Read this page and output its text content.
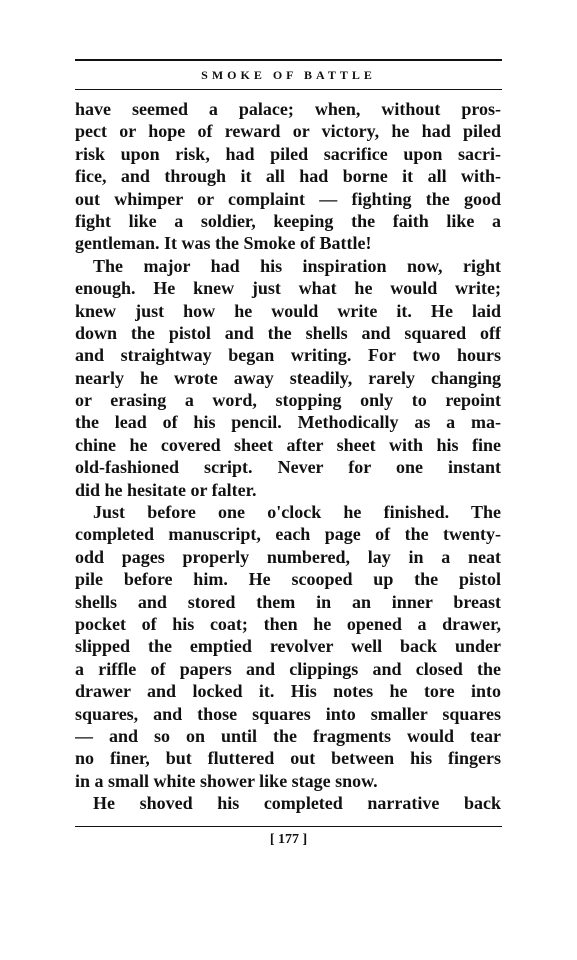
SMOKE OF BATTLE
have seemed a palace; when, without pros-
pect or hope of reward or victory, he had piled
risk upon risk, had piled sacrifice upon sacri-
fice, and through it all had borne it all with-
out whimper or complaint — fighting the good
fight like a soldier, keeping the faith like a
gentleman. It was the Smoke of Battle!
The major had his inspiration now, right
enough. He knew just what he would write;
knew just how he would write it. He laid
down the pistol and the shells and squared off
and straightway began writing. For two hours
nearly he wrote away steadily, rarely changing
or erasing a word, stopping only to repoint
the lead of his pencil. Methodically as a ma-
chine he covered sheet after sheet with his fine
old-fashioned script. Never for one instant
did he hesitate or falter.
Just before one o'clock he finished. The
completed manuscript, each page of the twenty-
odd pages properly numbered, lay in a neat
pile before him. He scooped up the pistol
shells and stored them in an inner breast
pocket of his coat; then he opened a drawer,
slipped the emptied revolver well back under
a riffle of papers and clippings and closed the
drawer and locked it. His notes he tore into
squares, and those squares into smaller squares
— and so on until the fragments would tear
no finer, but fluttered out between his fingers
in a small white shower like stage snow.
He shoved his completed narrative back
[ 177 ]
